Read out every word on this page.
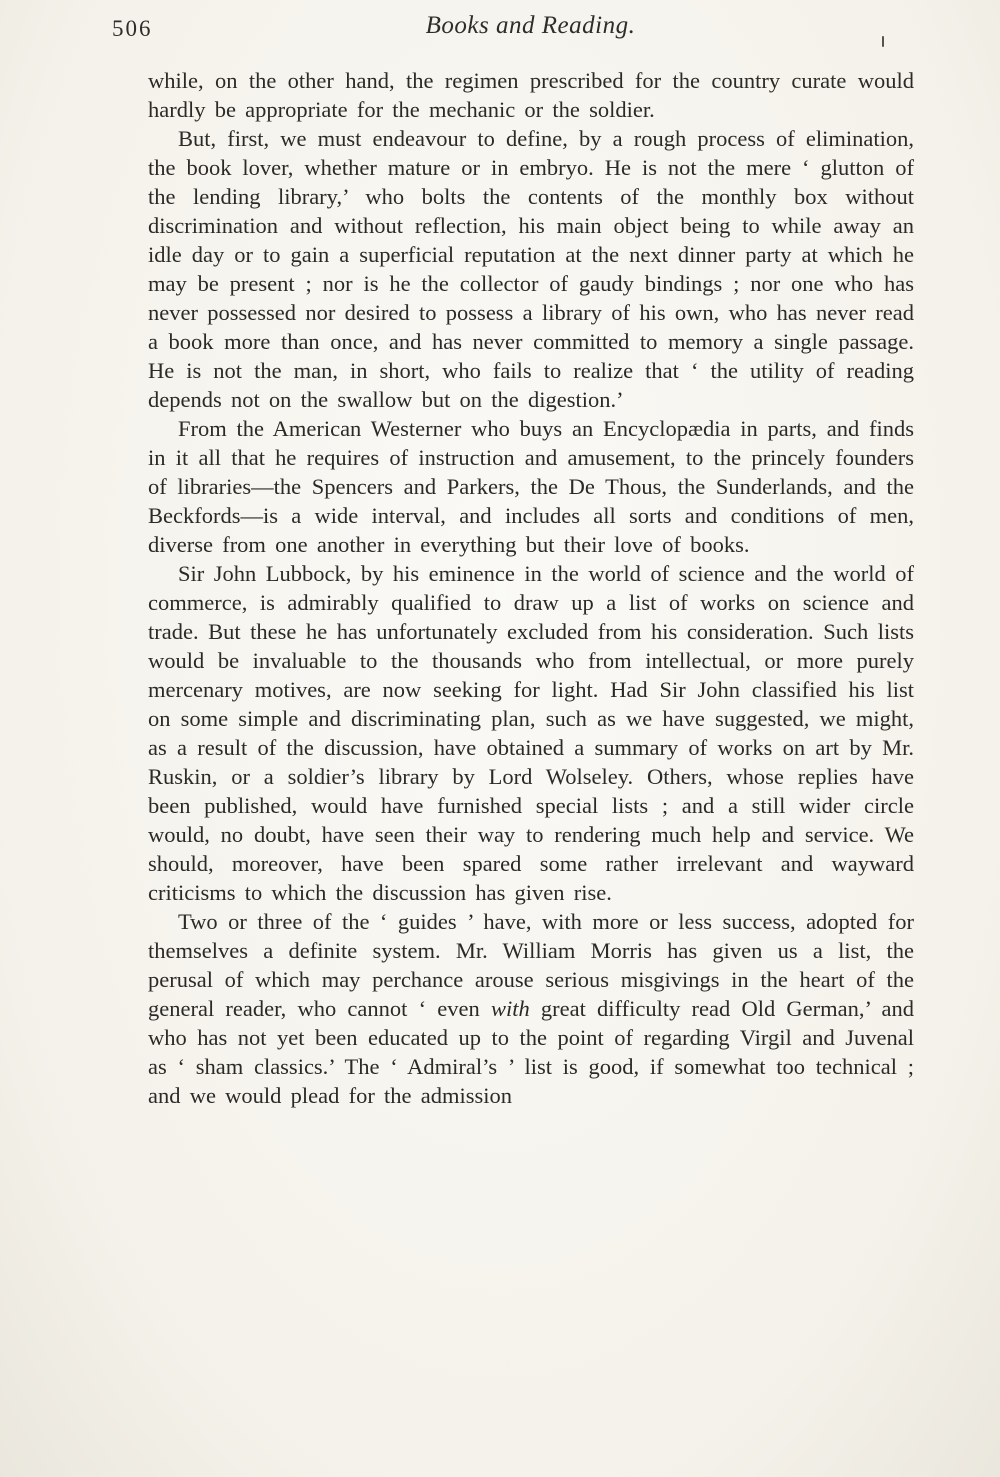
506	Books and Reading.

while, on the other hand, the regimen prescribed for the country curate would hardly be appropriate for the mechanic or the soldier.

But, first, we must endeavour to define, by a rough process of elimination, the book lover, whether mature or in embryo. He is not the mere ‘ glutton of the lending library,’ who bolts the contents of the monthly box without discrimination and without reflection, his main object being to while away an idle day or to gain a superficial reputation at the next dinner party at which he may be present ; nor is he the collector of gaudy bindings ; nor one who has never possessed nor desired to possess a library of his own, who has never read a book more than once, and has never committed to memory a single passage. He is not the man, in short, who fails to realize that ‘ the utility of reading depends not on the swallow but on the digestion.’

From the American Westerner who buys an Encyclopædia in parts, and finds in it all that he requires of instruction and amusement, to the princely founders of libraries—the Spencers and Parkers, the De Thous, the Sunderlands, and the Beckfords—is a wide interval, and includes all sorts and conditions of men, diverse from one another in everything but their love of books.

Sir John Lubbock, by his eminence in the world of science and the world of commerce, is admirably qualified to draw up a list of works on science and trade. But these he has unfortunately excluded from his consideration. Such lists would be invaluable to the thousands who from intellectual, or more purely mercenary motives, are now seeking for light. Had Sir John classified his list on some simple and discriminating plan, such as we have suggested, we might, as a result of the discussion, have obtained a summary of works on art by Mr. Ruskin, or a soldier’s library by Lord Wolseley. Others, whose replies have been published, would have furnished special lists ; and a still wider circle would, no doubt, have seen their way to rendering much help and service. We should, moreover, have been spared some rather irrelevant and wayward criticisms to which the discussion has given rise.

Two or three of the ‘ guides ’ have, with more or less success, adopted for themselves a definite system. Mr. William Morris has given us a list, the perusal of which may perchance arouse serious misgivings in the heart of the general reader, who cannot ‘ even with great difficulty read Old German,’ and who has not yet been educated up to the point of regarding Virgil and Juvenal as ‘ sham classics.’ The ‘ Admiral’s ’ list is good, if somewhat too technical ; and we would plead for the admission
